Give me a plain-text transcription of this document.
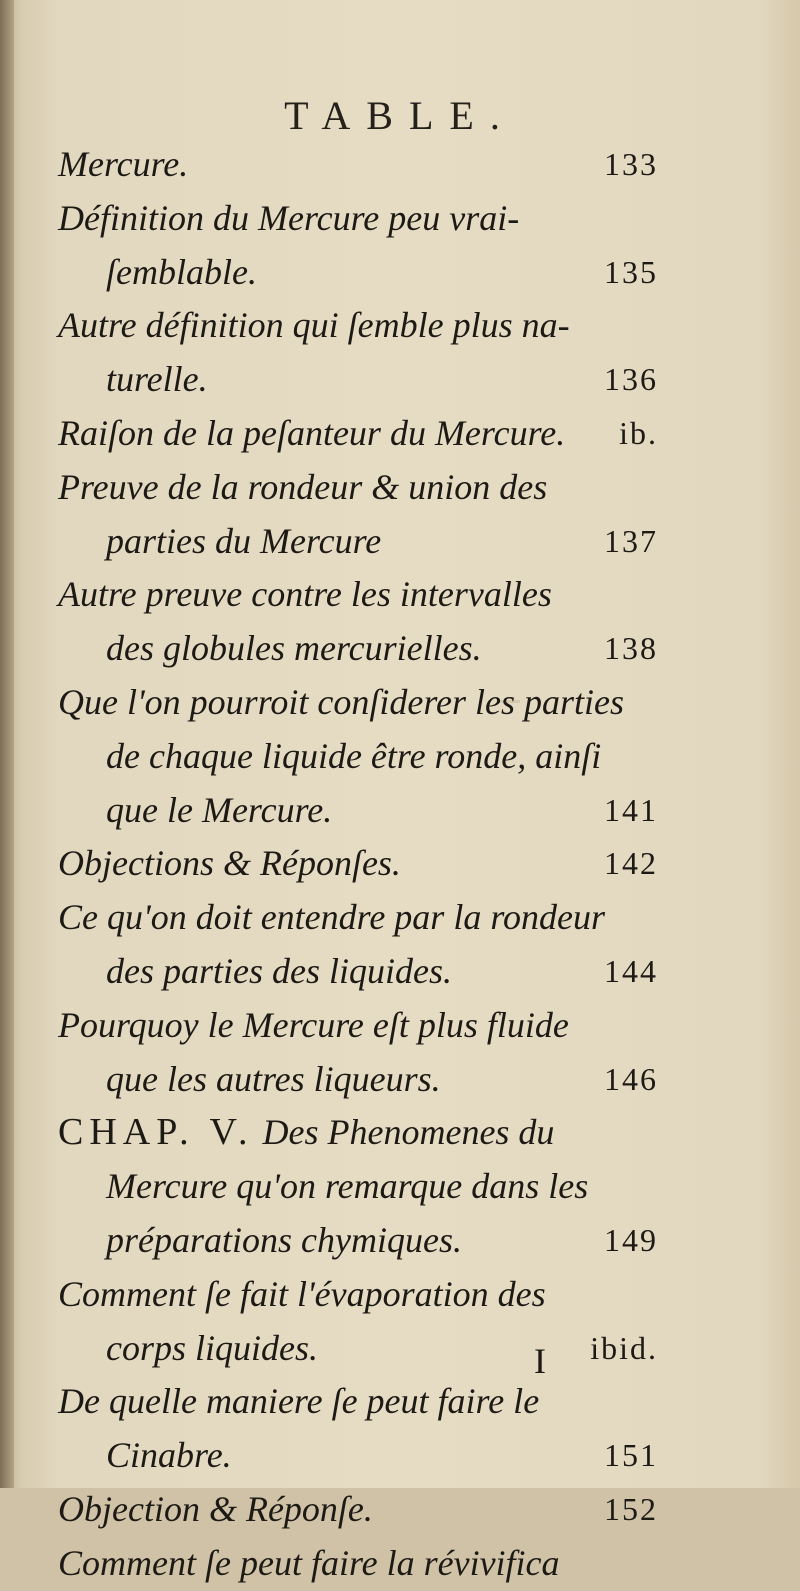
TABLE.
Mercure.	133
Définition du Mercure peu vrai-
ſemblable.	135
Autre définition qui ſemble plus na-
turelle.	136
Raiſon de la peſanteur du Mercure. ib.
Preuve de la rondeur & union des
parties du Mercure	137
Autre preuve contre les intervalles
des globules mercurielles.	138
Que l'on pourroit conſiderer les parties
de chaque liquide être ronde, ainſi
que le Mercure.	141
Objections & Réponſes.	142
Ce qu'on doit entendre par la rondeur
des parties des liquides.	144
Pourquoy le Mercure eſt plus fluide
que les autres liqueurs.	146
CHAP. V. Des Phenomenes du
Mercure qu'on remarque dans les
préparations chymiques.	149
Comment ſe fait l'évaporation des
corps liquides.	ibid.
De quelle maniere ſe peut faire le
Cinabre.	151
Objection & Réponſe.	152
Comment ſe peut faire la révivifica
I
